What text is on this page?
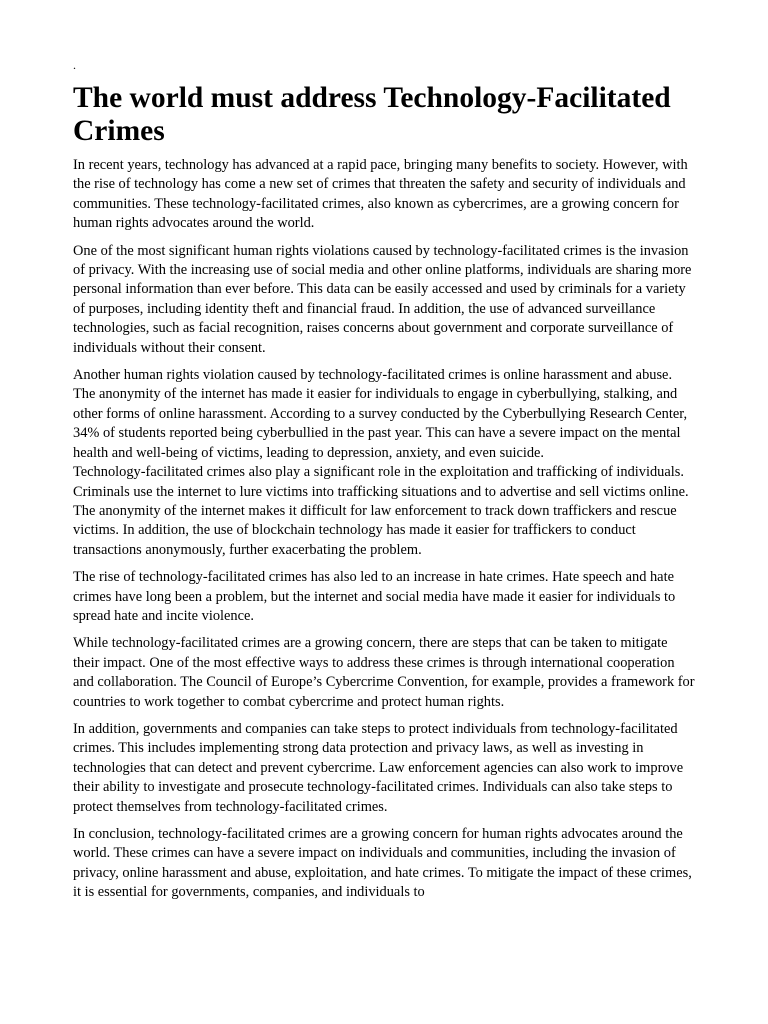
.
The world must address Technology-Facilitated Crimes

In recent years, technology has advanced at a rapid pace, bringing many benefits to society. However, with the rise of technology has come a new set of crimes that threaten the safety and security of individuals and communities. These technology-facilitated crimes, also known as cybercrimes, are a growing concern for human rights advocates around the world.

One of the most significant human rights violations caused by technology-facilitated crimes is the invasion of privacy. With the increasing use of social media and other online platforms, individuals are sharing more personal information than ever before. This data can be easily accessed and used by criminals for a variety of purposes, including identity theft and financial fraud. In addition, the use of advanced surveillance technologies, such as facial recognition, raises concerns about government and corporate surveillance of individuals without their consent.

Another human rights violation caused by technology-facilitated crimes is online harassment and abuse. The anonymity of the internet has made it easier for individuals to engage in cyberbullying, stalking, and other forms of online harassment. According to a survey conducted by the Cyberbullying Research Center, 34% of students reported being cyberbullied in the past year. This can have a severe impact on the mental health and well-being of victims, leading to depression, anxiety, and even suicide.

Technology-facilitated crimes also play a significant role in the exploitation and trafficking of individuals. Criminals use the internet to lure victims into trafficking situations and to advertise and sell victims online. The anonymity of the internet makes it difficult for law enforcement to track down traffickers and rescue victims. In addition, the use of blockchain technology has made it easier for traffickers to conduct transactions anonymously, further exacerbating the problem.

The rise of technology-facilitated crimes has also led to an increase in hate crimes. Hate speech and hate crimes have long been a problem, but the internet and social media have made it easier for individuals to spread hate and incite violence.

While technology-facilitated crimes are a growing concern, there are steps that can be taken to mitigate their impact. One of the most effective ways to address these crimes is through international cooperation and collaboration. The Council of Europe’s Cybercrime Convention, for example, provides a framework for countries to work together to combat cybercrime and protect human rights.

In addition, governments and companies can take steps to protect individuals from technology-facilitated crimes. This includes implementing strong data protection and privacy laws, as well as investing in technologies that can detect and prevent cybercrime. Law enforcement agencies can also work to improve their ability to investigate and prosecute technology-facilitated crimes. Individuals can also take steps to protect themselves from technology-facilitated crimes.

In conclusion, technology-facilitated crimes are a growing concern for human rights advocates around the world. These crimes can have a severe impact on individuals and communities, including the invasion of privacy, online harassment and abuse, exploitation, and hate crimes. To mitigate the impact of these crimes, it is essential for governments, companies, and individuals to
